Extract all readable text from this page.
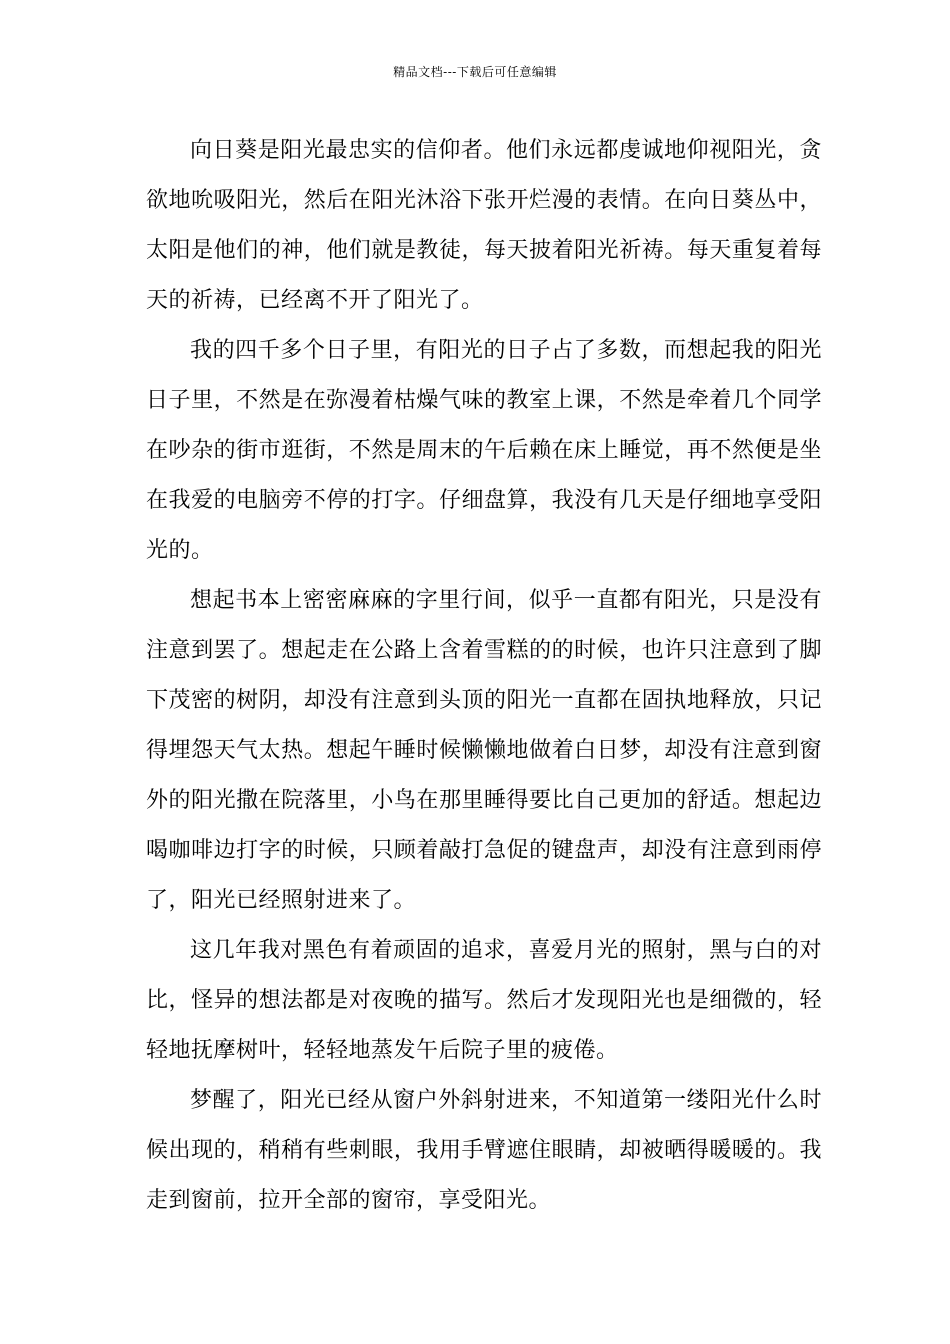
精品文档---下载后可任意编辑

向日葵是阳光最忠实的信仰者。他们永远都虔诚地仰视阳光，贪欲地吮吸阳光，然后在阳光沐浴下张开烂漫的表情。在向日葵丛中，太阳是他们的神，他们就是教徒，每天披着阳光祈祷。每天重复着每天的祈祷，已经离不开了阳光了。

我的四千多个日子里，有阳光的日子占了多数，而想起我的阳光日子里，不然是在弥漫着枯燥气味的教室上课，不然是牵着几个同学在吵杂的街市逛街，不然是周末的午后赖在床上睡觉，再不然便是坐在我爱的电脑旁不停的打字。仔细盘算，我没有几天是仔细地享受阳光的。

想起书本上密密麻麻的字里行间，似乎一直都有阳光，只是没有注意到罢了。想起走在公路上含着雪糕的的时候，也许只注意到了脚下茂密的树阴，却没有注意到头顶的阳光一直都在固执地释放，只记得埋怨天气太热。想起午睡时候懒懒地做着白日梦，却没有注意到窗外的阳光撒在院落里，小鸟在那里睡得要比自己更加的舒适。想起边喝咖啡边打字的时候，只顾着敲打急促的键盘声，却没有注意到雨停了，阳光已经照射进来了。

这几年我对黑色有着顽固的追求，喜爱月光的照射，黑与白的对比，怪异的想法都是对夜晚的描写。然后才发现阳光也是细微的，轻轻地抚摩树叶，轻轻地蒸发午后院子里的疲倦。

梦醒了，阳光已经从窗户外斜射进来，不知道第一缕阳光什么时候出现的，稍稍有些刺眼，我用手臂遮住眼睛，却被晒得暖暖的。我走到窗前，拉开全部的窗帘，享受阳光。
